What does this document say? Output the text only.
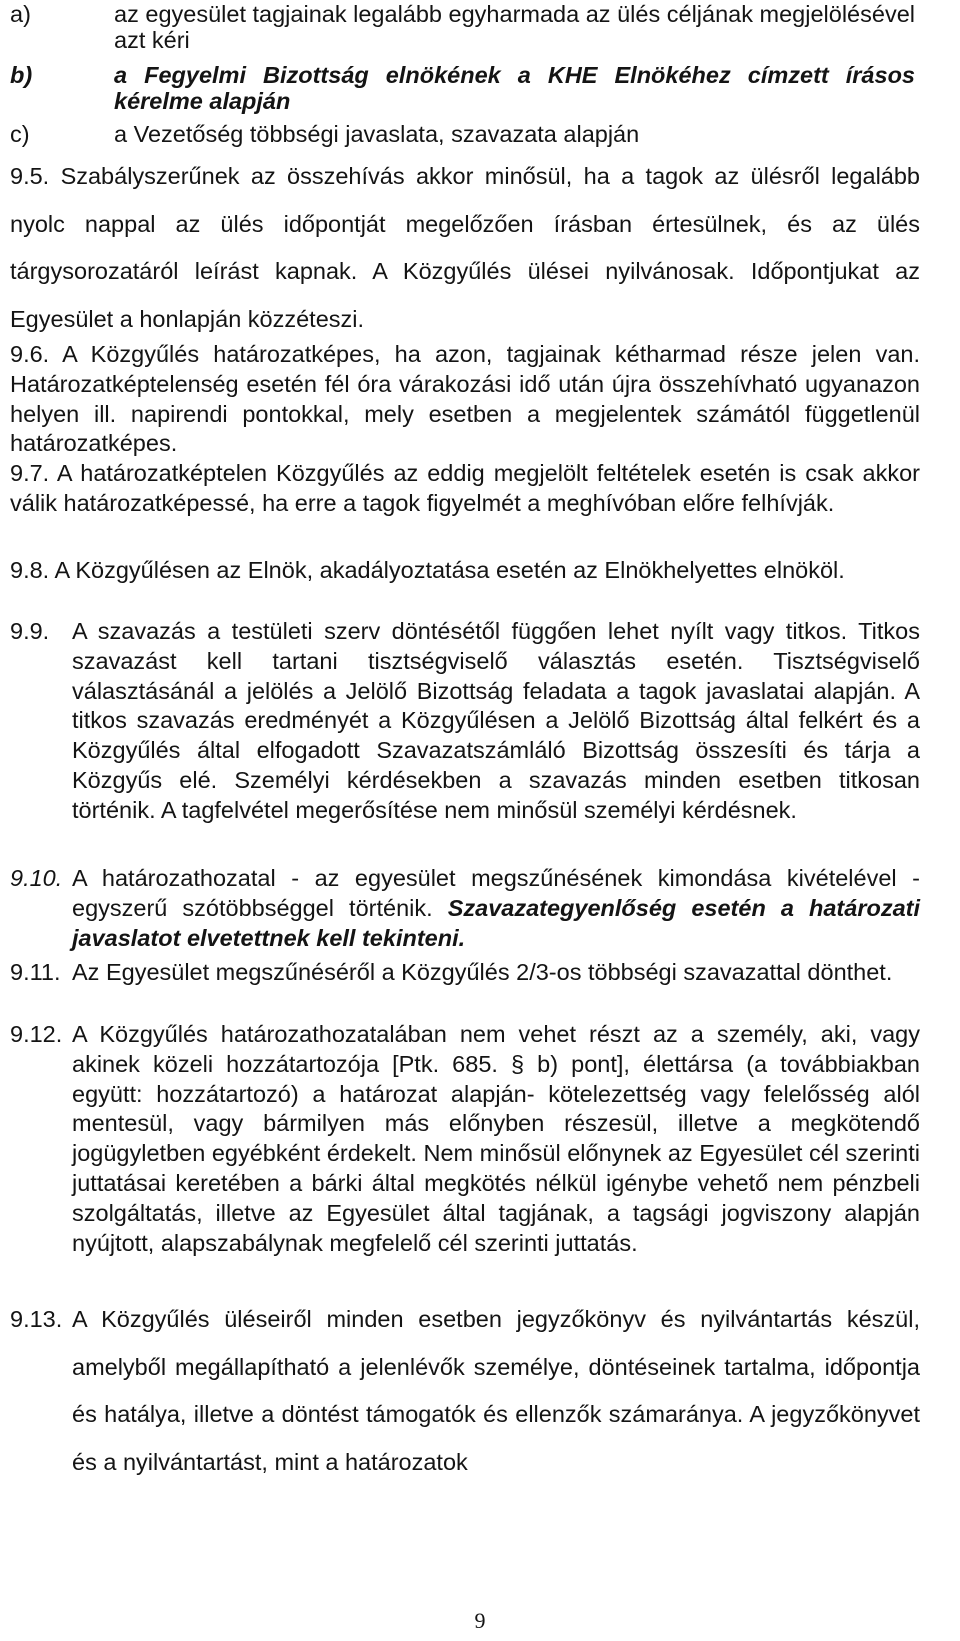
a)	az egyesület tagjainak legalább egyharmada az ülés céljának megjelölésével azt kéri
b)	a Fegyelmi Bizottság elnökének a KHE Elnökéhez címzett írásos kérelme alapján
c)	a Vezetőség többségi javaslata, szavazata alapján
9.5. Szabályszerűnek az összehívás akkor minősül, ha a tagok az ülésről legalább nyolc nappal az ülés időpontját megelőzően írásban értesülnek, és az ülés tárgysorozatáról leírást kapnak. A Közgyűlés ülései nyilvánosak. Időpontjukat az Egyesület a honlapján közzéteszi.
9.6. A Közgyűlés határozatképes, ha azon, tagjainak kétharmad része jelen van. Határozatképtelenség esetén fél óra várakozási idő után újra összehívható ugyanazon helyen ill. napirendi pontokkal, mely esetben a megjelentek számától függetlenül határozatképes.
9.7. A határozatképtelen Közgyűlés az eddig megjelölt feltételek esetén is csak akkor válik határozatképessé, ha erre a tagok figyelmét a meghívóban előre felhívják.
9.8. A Közgyűlésen az Elnök, akadályoztatása esetén az Elnökhelyettes elnököl.
9.9. A szavazás a testületi szerv döntésétől függően lehet nyílt vagy titkos. Titkos szavazást kell tartani tisztségviselő választás esetén. Tisztségviselő választásánál a jelölés a Jelölő Bizottság feladata a tagok javaslatai alapján. A titkos szavazás eredményét a Közgyűlésen a Jelölő Bizottság által felkért és a Közgyűlés által elfogadott Szavazatszámláló Bizottság összesíti és tárja a Közgyűs elé. Személyi kérdésekben a szavazás minden esetben titkosan történik. A tagfelvétel megerősítése nem minősül személyi kérdésnek.
9.10. A határozathozatal - az egyesület megszűnésének kimondása kivételével - egyszerű szótöbbséggel történik. Szavazategyenlőség esetén a határozati javaslatot elvetettnek kell tekinteni.
9.11. Az Egyesület megszűnéséről a Közgyűlés 2/3-os többségi szavazattal dönthet.
9.12. A Közgyűlés határozathozatalában nem vehet részt az a személy, aki, vagy akinek közeli hozzátartozója [Ptk. 685. § b) pont], élettársa (a továbbiakban együtt: hozzátartozó) a határozat alapján- kötelezettség vagy felelősség alól mentesül, vagy bármilyen más előnyben részesül, illetve a megkötendő jogügyletben egyébként érdekelt. Nem minősül előnynek az Egyesület cél szerinti juttatásai keretében a bárki által megkötés nélkül igénybe vehető nem pénzbeli szolgáltatás, illetve az Egyesület által tagjának, a tagsági jogviszony alapján nyújtott, alapszabálynak megfelelő cél szerinti juttatás.
9.13. A Közgyűlés üléseiről minden esetben jegyzőkönyv és nyilvántartás készül, amelyből megállapítható a jelenlévők személye, döntéseinek tartalma, időpontja és hatálya, illetve a döntést támogatók és ellenzők számaránya. A jegyzőkönyvet és a nyilvántartást, mint a határozatok
9
